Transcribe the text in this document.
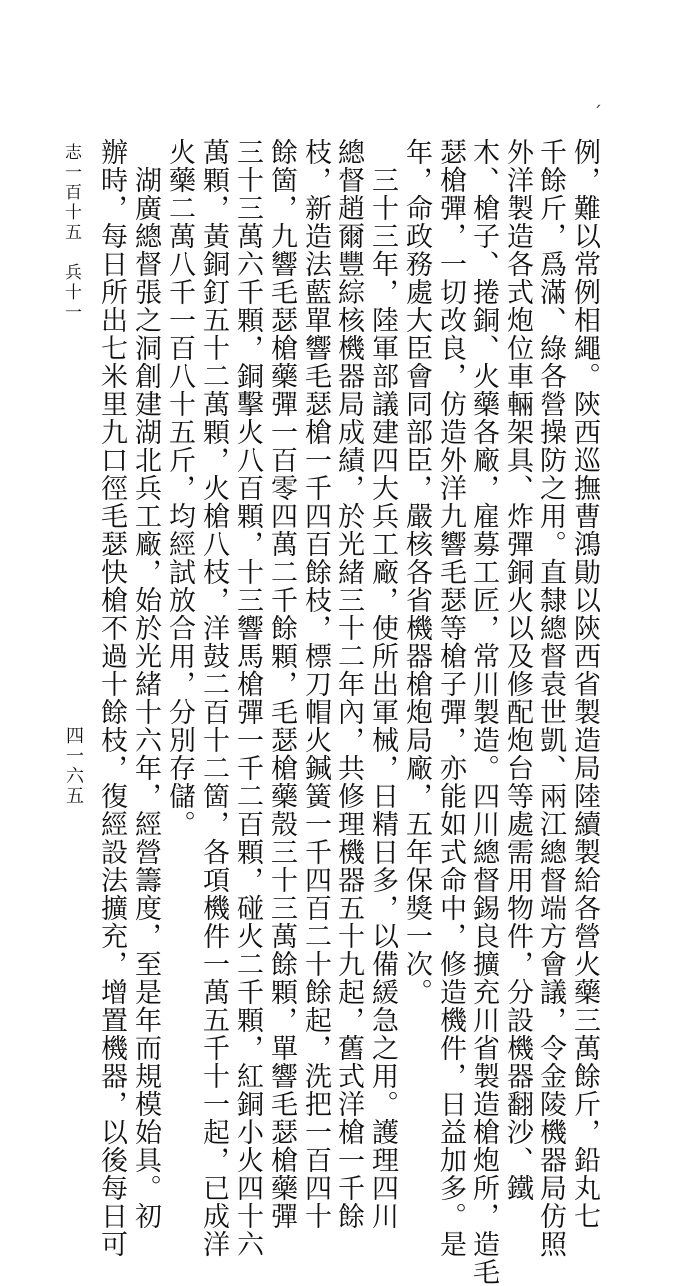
例，難以常例相繩。陝西巡撫曹鴻勛以陝西省製造局陸續製給各營火藥三萬餘斤，鉛丸七
千餘斤，爲滿、綠各營操防之用。直隸總督袁世凱、兩江總督端方會議，令金陵機器局仿照
外洋製造各式炮位車輛架具、炸彈銅火以及修配炮台等處需用物件，分設機器翻沙、鐵
木、槍子、捲銅、火藥各廠，雇募工匠，常川製造。四川總督錫良擴充川省製造槍炮所，造毛
瑟槍彈，一切改良，仿造外洋九響毛瑟等槍子彈，亦能如式命中，修造機件，日益加多。是
年，命政務處大臣會同部臣，嚴核各省機器槍炮局廠，五年保獎一次。
三十三年，陸軍部議建四大兵工廠，使所出軍械，日精日多，以備緩急之用。護理四川
總督趙爾豐綜核機器局成績，於光緒三十二年內，共修理機器五十九起，舊式洋槍一千餘
枝，新造法藍單響毛瑟槍一千四百餘枝，標刀帽火鍼簧一千四百二十餘起，洗把一百四十
餘箇，九響毛瑟槍藥彈一百零四萬二千餘顆，毛瑟槍藥殼三十三萬餘顆，單響毛瑟槍藥彈
三十三萬六千顆，銅擊火八百顆，十三響馬槍彈一千二百顆，碰火二千顆，紅銅小火四十六
萬顆，黃銅釘五十二萬顆，火槍八枝，洋鼓二百十二箇，各項機件一萬五千十一起，已成洋
火藥二萬八千一百八十五斤，均經試放合用，分別存儲。
湖廣總督張之洞創建湖北兵工廠，始於光緒十六年，經營籌度，至是年而規模始具。初
辦時，每日所出七米里九口徑毛瑟快槍不過十餘枝，復經設法擴充，增置機器，以後每日可
志一百十五　兵十一
四一六五
´
